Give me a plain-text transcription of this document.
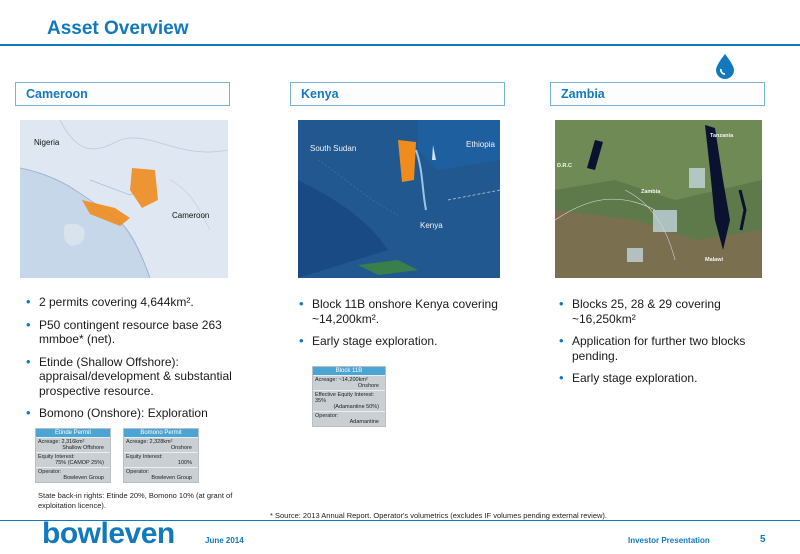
Asset Overview
Cameroon	Kenya	Zambia
Nigeria
Cameroon
South Sudan	Ethiopia
Kenya
Tanzania
D.R.C
Zambia
Malawi
• 2 permits covering 4,644km².
• P50 contingent resource base 263 mmboe* (net).
• Etinde (Shallow Offshore): appraisal/development & substantial prospective resource.
• Bomono (Onshore): Exploration
• Block 11B onshore Kenya covering ~14,200km².
• Early stage exploration.
• Blocks 25, 28 & 29 covering ~16,250km²
• Application for further two blocks pending.
• Early stage exploration.
Etinde Permit
Acreage: 2,316km²
Shallow Offshore
Equity Interest:
75% (CAMOP 25%)
Operator:
Bowleven Group
Bomono Permit
Acreage: 2,328km²
Onshore
Equity Interest:
100%
Operator:
Bowleven Group
Block 11B
Acreage: ~14,200km²
Onshore
Effective Equity Interest: 35%
(Adamantine 50%)
Operator:
Adamantine
State back-in rights: Etinde 20%, Bomono 10% (at grant of exploitation licence).
* Source: 2013 Annual Report. Operator's volumetrics (excludes IF volumes pending external review).
bowleven	June 2014	Investor Presentation	5
